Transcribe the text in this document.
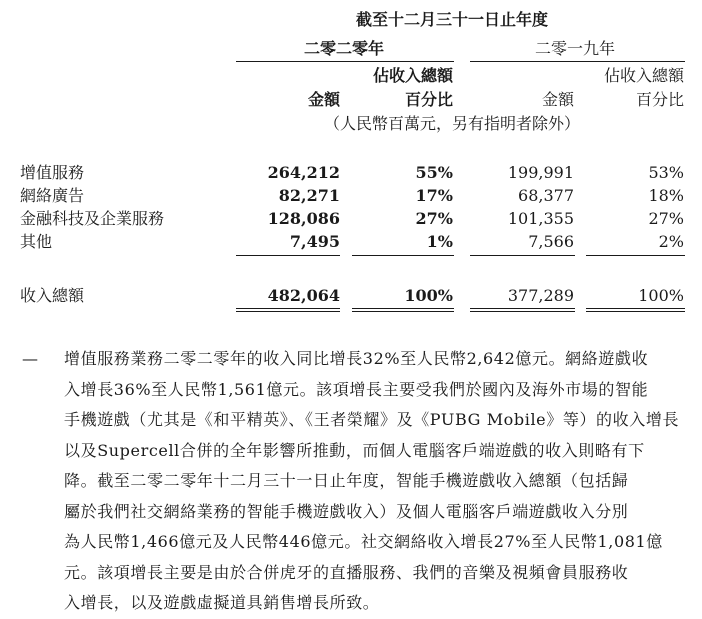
截至十二月三十一日止年度
二零二零年	二零一九年
佔收入總額	佔收入總額
金額	百分比	金額	百分比
（人民幣百萬元，另有指明者除外）
增值服務	264,212	55%	199,991	53%
網絡廣告	82,271	17%	68,377	18%
金融科技及企業服務	128,086	27%	101,355	27%
其他	7,495	1%	7,566	2%
收入總額	482,064	100%	377,289	100%
— 增值服務業務二零二零年的收入同比增長32%至人民幣2,642億元。網絡遊戲收
入增長36%至人民幣1,561億元。該項增長主要受我們於國內及海外市場的智能
手機遊戲（尤其是《和平精英》、《王者榮耀》及《PUBG Mobile》等）的收入增長
以及Supercell合併的全年影響所推動，而個人電腦客戶端遊戲的收入則略有下
降。截至二零二零年十二月三十一日止年度，智能手機遊戲收入總額（包括歸
屬於我們社交網絡業務的智能手機遊戲收入）及個人電腦客戶端遊戲收入分別
為人民幣1,466億元及人民幣446億元。社交網絡收入增長27%至人民幣1,081億
元。該項增長主要是由於合併虎牙的直播服務、我們的音樂及視頻會員服務收
入增長，以及遊戲虛擬道具銷售增長所致。
